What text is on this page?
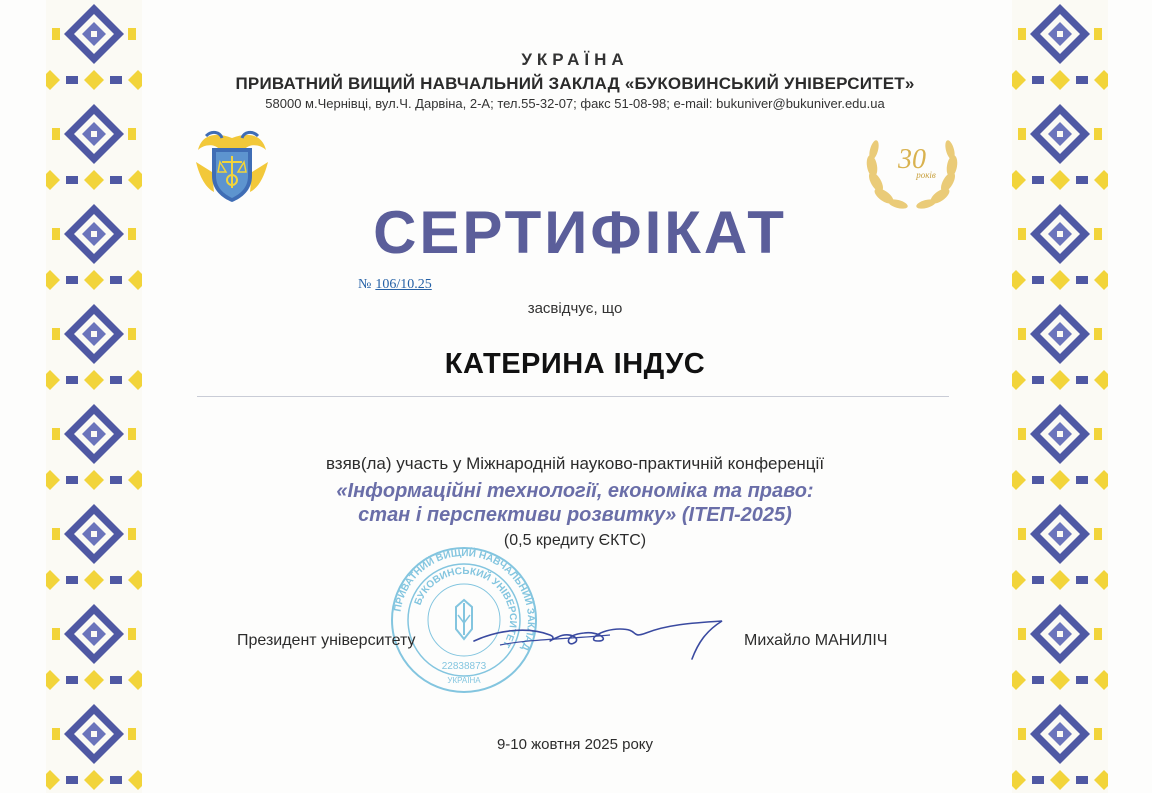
УКРАЇНА
ПРИВАТНИЙ ВИЩИЙ НАВЧАЛЬНИЙ ЗАКЛАД «БУКОВИНСЬКИЙ УНІВЕРСИТЕТ»
58000 м.Чернівці, вул.Ч. Дарвіна, 2-А; тел.55-32-07; факс 51-08-98; e-mail: bukuniver@bukuniver.edu.ua
30
років
СЕРТИФІКАТ
№ 106/10.25
засвідчує, що
КАТЕРИНА ІНДУС
взяв(ла) участь у Міжнародній науково-практичній конференції
«Інформаційні технології, економіка та право:
стан і перспективи розвитку» (ІТЕП-2025)
(0,5 кредиту ЄКТС)
ПРИВАТНИЙ ВИЩИЙ НАВЧАЛЬНИЙ ЗАКЛАД
БУКОВИНСЬКИЙ УНІВЕРСИТЕТ
22838873
УКРАЇНА
Президент університету	Михайло МАНИЛІЧ
9-10 жовтня 2025 року
